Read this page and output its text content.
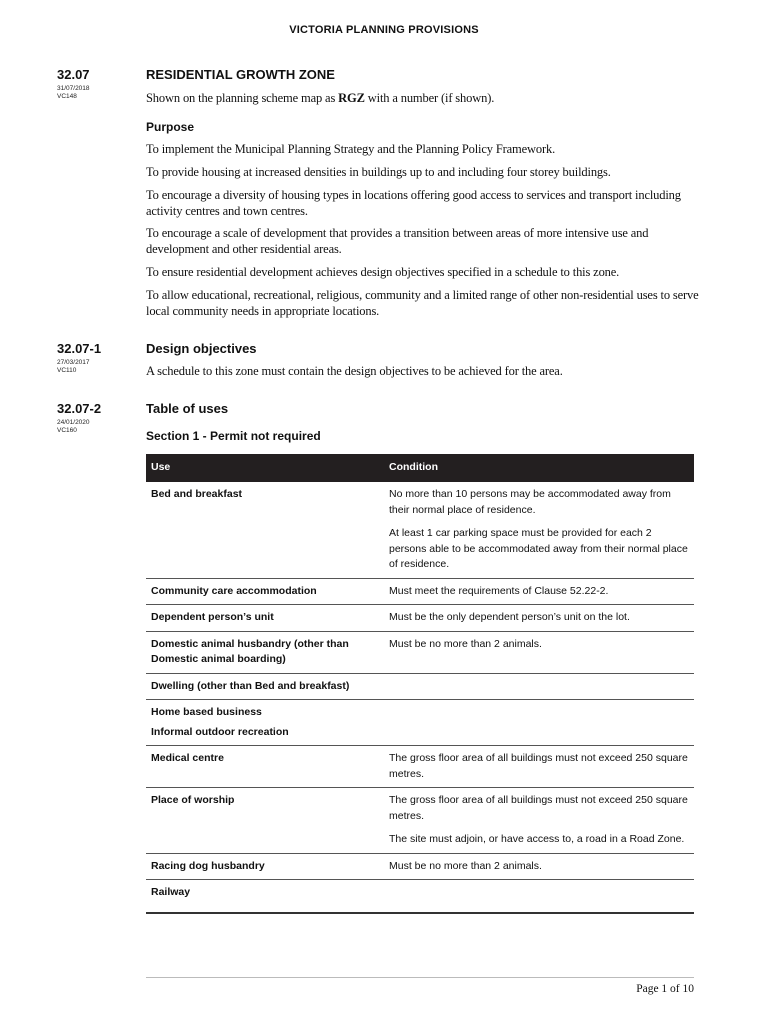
VICTORIA PLANNING PROVISIONS
32.07
31/07/2018
VC148
RESIDENTIAL GROWTH ZONE
Shown on the planning scheme map as RGZ with a number (if shown).
Purpose
To implement the Municipal Planning Strategy and the Planning Policy Framework.
To provide housing at increased densities in buildings up to and including four storey buildings.
To encourage a diversity of housing types in locations offering good access to services and transport including activity centres and town centres.
To encourage a scale of development that provides a transition between areas of more intensive use and development and other residential areas.
To ensure residential development achieves design objectives specified in a schedule to this zone.
To allow educational, recreational, religious, community and a limited range of other non-residential uses to serve local community needs in appropriate locations.
32.07-1
27/03/2017
VC110
Design objectives
A schedule to this zone must contain the design objectives to be achieved for the area.
32.07-2
24/01/2020
VC160
Table of uses
Section 1 - Permit not required
Use	Condition
Bed and breakfast	No more than 10 persons may be accommodated away from their normal place of residence.

At least 1 car parking space must be provided for each 2 persons able to be accommodated away from their normal place of residence.

Community care accommodation	Must meet the requirements of Clause 52.22-2.

Dependent person’s unit	Must be the only dependent person’s unit on the lot.

Domestic animal husbandry (other than Domestic animal boarding)	Must be no more than 2 animals.

Dwelling (other than Bed and breakfast)	
Home based business	
Informal outdoor recreation	
Medical centre	The gross floor area of all buildings must not exceed 250 square metres.

Place of worship	The gross floor area of all buildings must not exceed 250 square metres.

The site must adjoin, or have access to, a road in a Road Zone.

Racing dog husbandry	Must be no more than 2 animals.

Railway	
Page 1 of 10
